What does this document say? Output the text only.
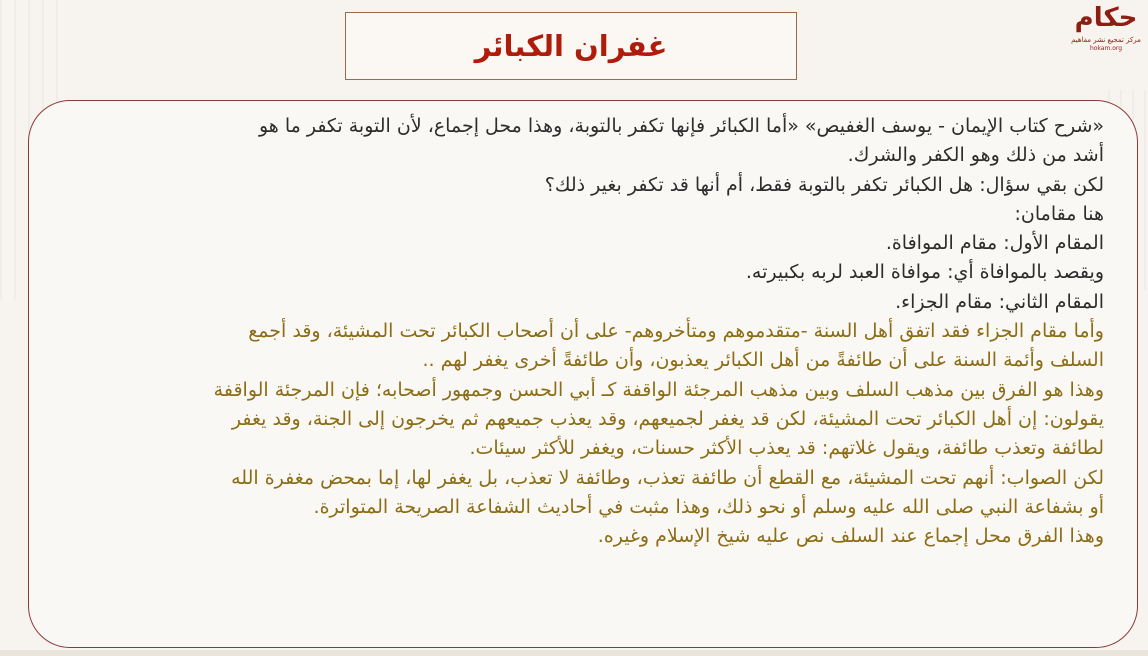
غفران الكبائر
حكام
مركز تمجيع نشر مفاهيم
hokam.org
«شرح كتاب الإيمان - يوسف الغفيص» «أما الكبائر فإنها تكفر بالتوبة، وهذا محل إجماع، لأن التوبة تكفر ما هو
أشد من ذلك وهو الكفر والشرك.
لكن بقي سؤال: هل الكبائر تكفر بالتوبة فقط، أم أنها قد تكفر بغير ذلك؟
هنا مقامان:
المقام الأول: مقام الموافاة.
ويقصد بالموافاة أي: موافاة العبد لربه بكبيرته.
المقام الثاني: مقام الجزاء.
وأما مقام الجزاء فقد اتفق أهل السنة -متقدموهم ومتأخروهم- على أن أصحاب الكبائر تحت المشيئة، وقد أجمع
السلف وأئمة السنة على أن طائفةً من أهل الكبائر يعذبون، وأن طائفةً أخرى يغفر لهم ..
وهذا هو الفرق بين مذهب السلف وبين مذهب المرجئة الواقفة كـ أبي الحسن وجمهور أصحابه؛ فإن المرجئة الواقفة
يقولون: إن أهل الكبائر تحت المشيئة، لكن قد يغفر لجميعهم، وقد يعذب جميعهم ثم يخرجون إلى الجنة، وقد يغفر
لطائفة وتعذب طائفة، ويقول غلاتهم: قد يعذب الأكثر حسنات، ويغفر للأكثر سيئات.
لكن الصواب: أنهم تحت المشيئة، مع القطع أن طائفة تعذب، وطائفة لا تعذب، بل يغفر لها، إما بمحض مغفرة الله
أو بشفاعة النبي صلى الله عليه وسلم أو نحو ذلك، وهذا مثبت في أحاديث الشفاعة الصريحة المتواترة.
وهذا الفرق محل إجماع عند السلف نص عليه شيخ الإسلام وغيره.
